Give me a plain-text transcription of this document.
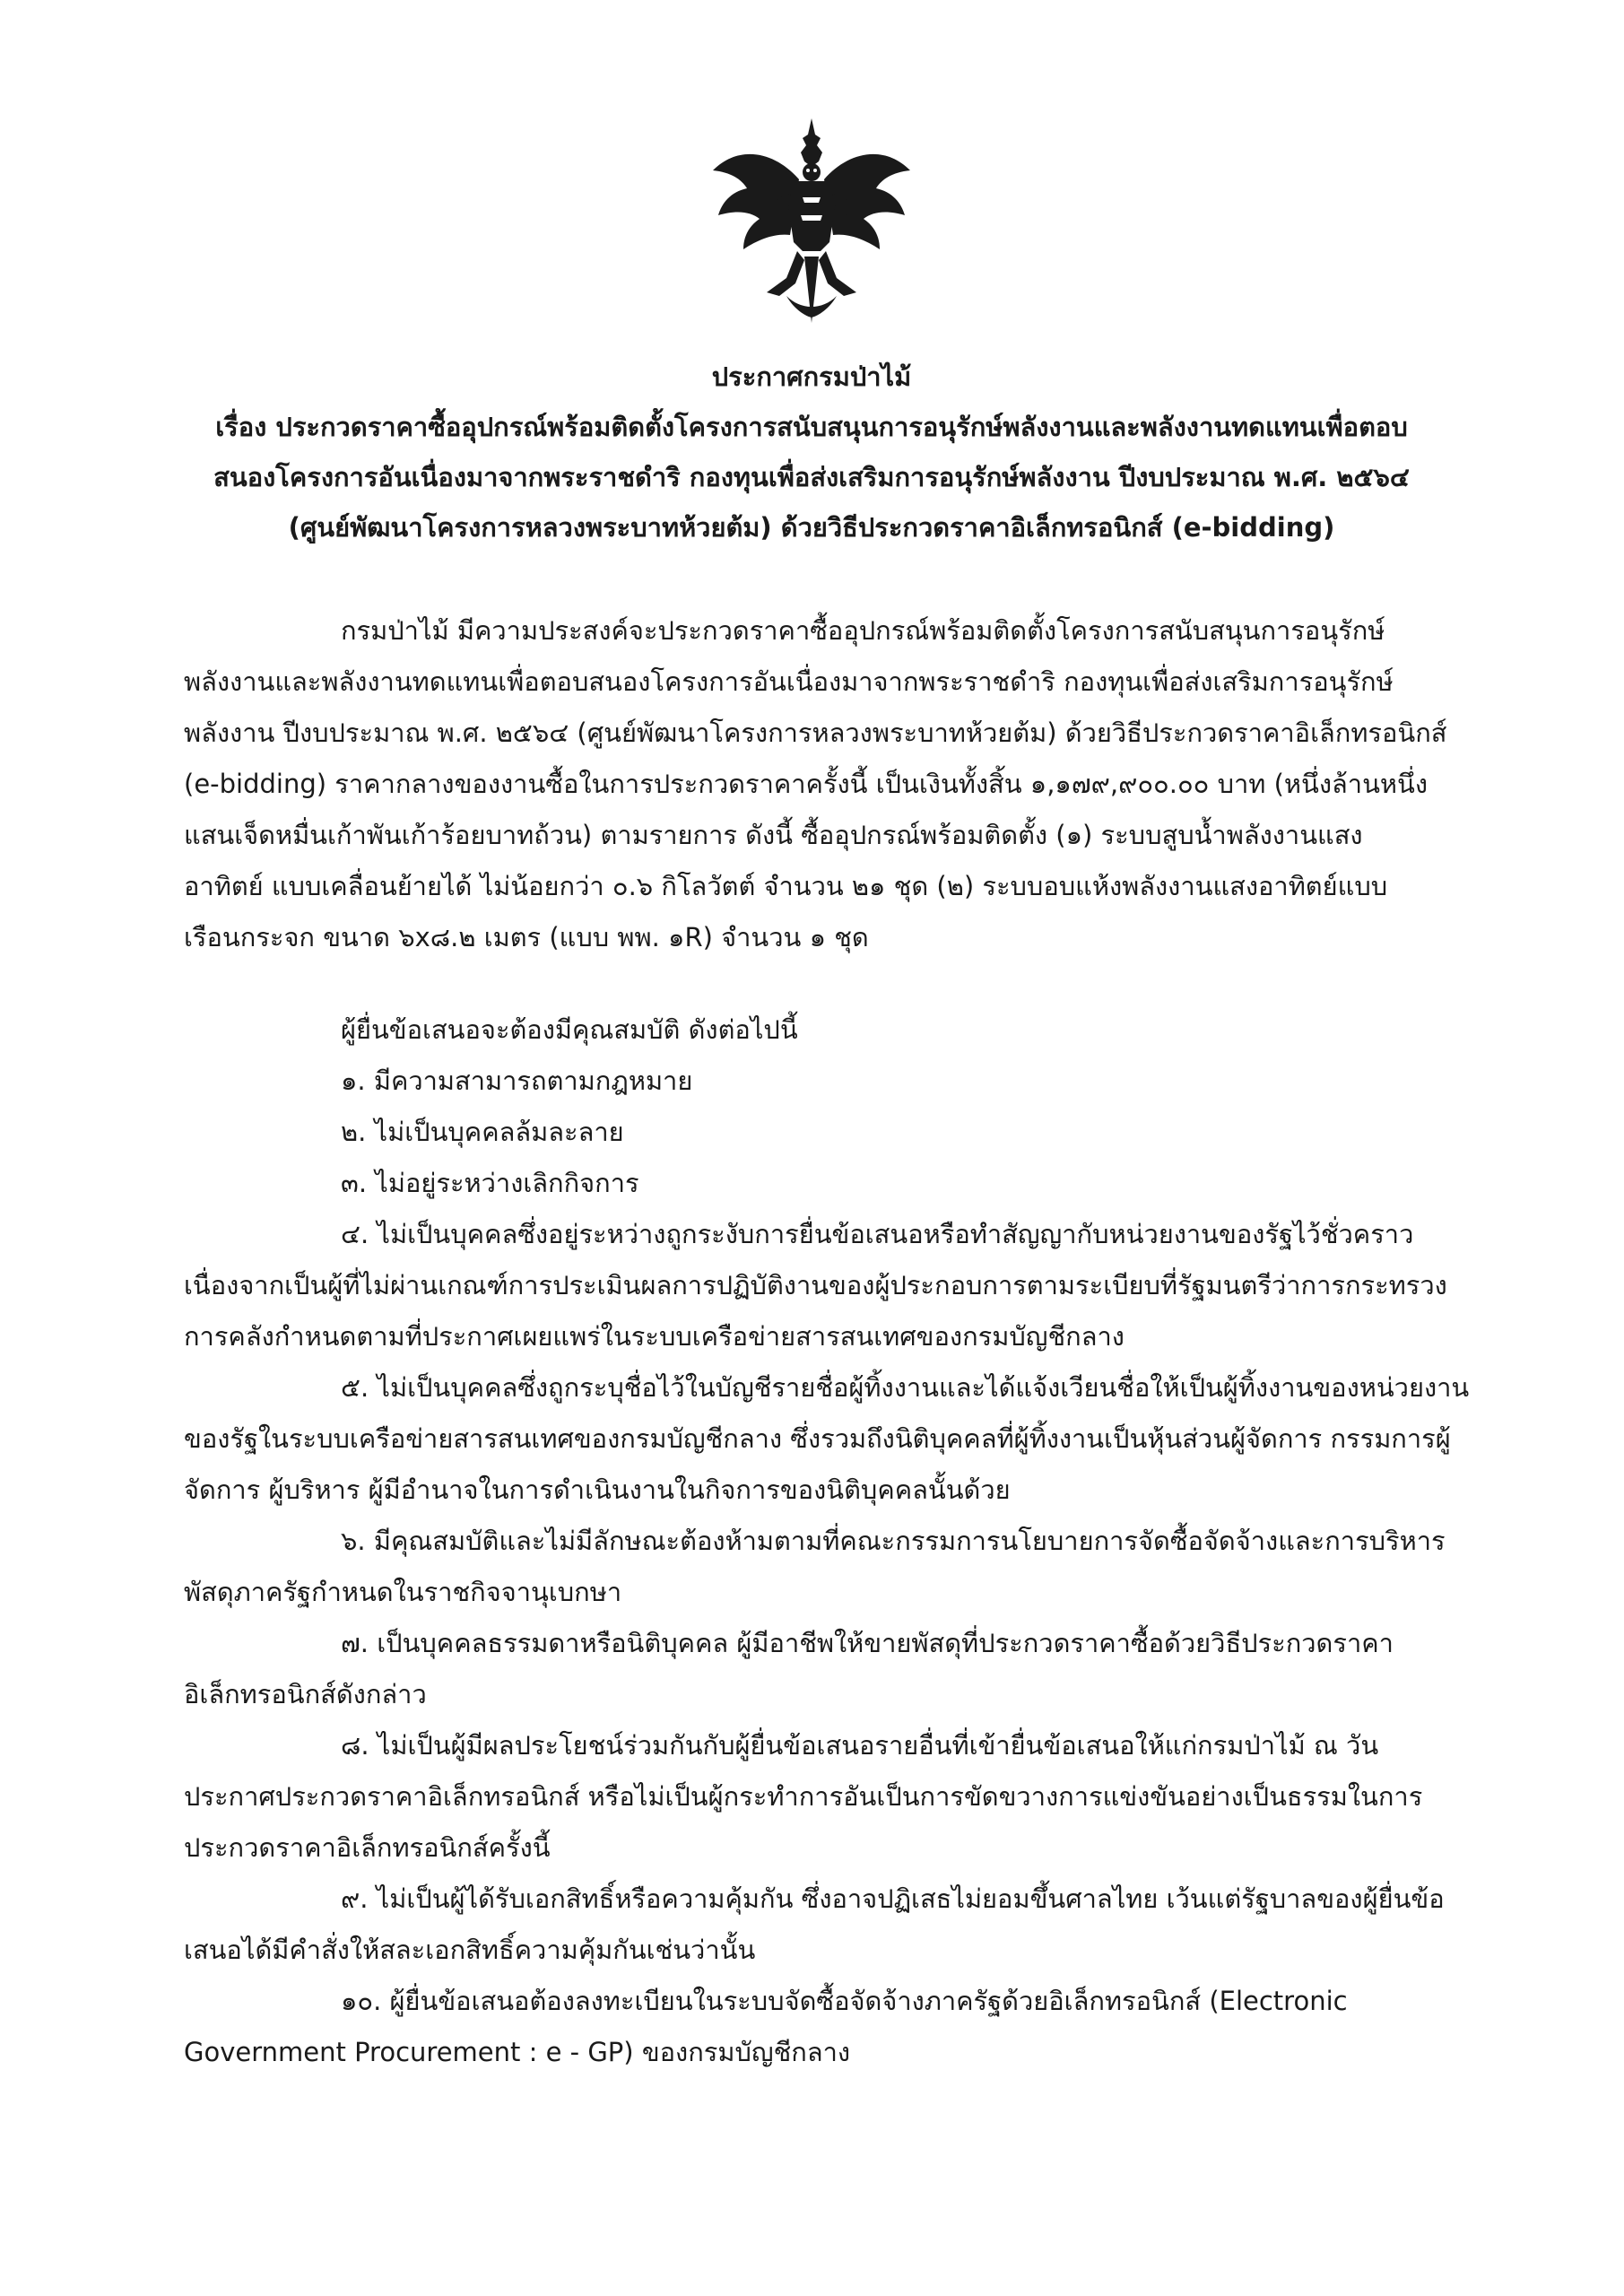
ประกาศกรมป่าไม้
เรื่อง ประกวดราคาซื้ออุปกรณ์พร้อมติดตั้งโครงการสนับสนุนการอนุรักษ์พลังงานและพลังงานทดแทนเพื่อตอบ
สนองโครงการอันเนื่องมาจากพระราชดำริ กองทุนเพื่อส่งเสริมการอนุรักษ์พลังงาน ปีงบประมาณ พ.ศ. ๒๕๖๔
(ศูนย์พัฒนาโครงการหลวงพระบาทห้วยต้ม) ด้วยวิธีประกวดราคาอิเล็กทรอนิกส์ (e-bidding)
กรมป่าไม้ มีความประสงค์จะประกวดราคาซื้ออุปกรณ์พร้อมติดตั้งโครงการสนับสนุนการอนุรักษ์
พลังงานและพลังงานทดแทนเพื่อตอบสนองโครงการอันเนื่องมาจากพระราชดำริ กองทุนเพื่อส่งเสริมการอนุรักษ์
พลังงาน ปีงบประมาณ พ.ศ. ๒๕๖๔ (ศูนย์พัฒนาโครงการหลวงพระบาทห้วยต้ม) ด้วยวิธีประกวดราคาอิเล็กทรอนิกส์
(e-bidding) ราคากลางของงานซื้อในการประกวดราคาครั้งนี้ เป็นเงินทั้งสิ้น ๑,๑๗๙,๙๐๐.๐๐ บาท (หนึ่งล้านหนึ่ง
แสนเจ็ดหมื่นเก้าพันเก้าร้อยบาทถ้วน) ตามรายการ ดังนี้ ซื้ออุปกรณ์พร้อมติดตั้ง (๑) ระบบสูบน้ำพลังงานแสง
อาทิตย์ แบบเคลื่อนย้ายได้ ไม่น้อยกว่า ๐.๖ กิโลวัตต์ จำนวน ๒๑ ชุด (๒) ระบบอบแห้งพลังงานแสงอาทิตย์แบบ
เรือนกระจก ขนาด ๖x๘.๒ เมตร (แบบ พพ. ๑R) จำนวน ๑ ชุด
ผู้ยื่นข้อเสนอจะต้องมีคุณสมบัติ ดังต่อไปนี้
๑. มีความสามารถตามกฎหมาย
๒. ไม่เป็นบุคคลล้มละลาย
๓. ไม่อยู่ระหว่างเลิกกิจการ
๔. ไม่เป็นบุคคลซึ่งอยู่ระหว่างถูกระงับการยื่นข้อเสนอหรือทำสัญญากับหน่วยงานของรัฐไว้ชั่วคราว
เนื่องจากเป็นผู้ที่ไม่ผ่านเกณฑ์การประเมินผลการปฏิบัติงานของผู้ประกอบการตามระเบียบที่รัฐมนตรีว่าการกระทรวง
การคลังกำหนดตามที่ประกาศเผยแพร่ในระบบเครือข่ายสารสนเทศของกรมบัญชีกลาง
๕. ไม่เป็นบุคคลซึ่งถูกระบุชื่อไว้ในบัญชีรายชื่อผู้ทิ้งงานและได้แจ้งเวียนชื่อให้เป็นผู้ทิ้งงานของหน่วยงาน
ของรัฐในระบบเครือข่ายสารสนเทศของกรมบัญชีกลาง ซึ่งรวมถึงนิติบุคคลที่ผู้ทิ้งงานเป็นหุ้นส่วนผู้จัดการ กรรมการผู้
จัดการ ผู้บริหาร ผู้มีอำนาจในการดำเนินงานในกิจการของนิติบุคคลนั้นด้วย
๖. มีคุณสมบัติและไม่มีลักษณะต้องห้ามตามที่คณะกรรมการนโยบายการจัดซื้อจัดจ้างและการบริหาร
พัสดุภาครัฐกำหนดในราชกิจจานุเบกษา
๗. เป็นบุคคลธรรมดาหรือนิติบุคคล ผู้มีอาชีพให้ขายพัสดุที่ประกวดราคาซื้อด้วยวิธีประกวดราคา
อิเล็กทรอนิกส์ดังกล่าว
๘. ไม่เป็นผู้มีผลประโยชน์ร่วมกันกับผู้ยื่นข้อเสนอรายอื่นที่เข้ายื่นข้อเสนอให้แก่กรมป่าไม้ ณ วัน
ประกาศประกวดราคาอิเล็กทรอนิกส์ หรือไม่เป็นผู้กระทำการอันเป็นการขัดขวางการแข่งขันอย่างเป็นธรรมในการ
ประกวดราคาอิเล็กทรอนิกส์ครั้งนี้
๙. ไม่เป็นผู้ได้รับเอกสิทธิ์หรือความคุ้มกัน ซึ่งอาจปฏิเสธไม่ยอมขึ้นศาลไทย เว้นแต่รัฐบาลของผู้ยื่นข้อ
เสนอได้มีคำสั่งให้สละเอกสิทธิ์ความคุ้มกันเช่นว่านั้น
๑๐. ผู้ยื่นข้อเสนอต้องลงทะเบียนในระบบจัดซื้อจัดจ้างภาครัฐด้วยอิเล็กทรอนิกส์ (Electronic
Government Procurement : e - GP) ของกรมบัญชีกลาง
